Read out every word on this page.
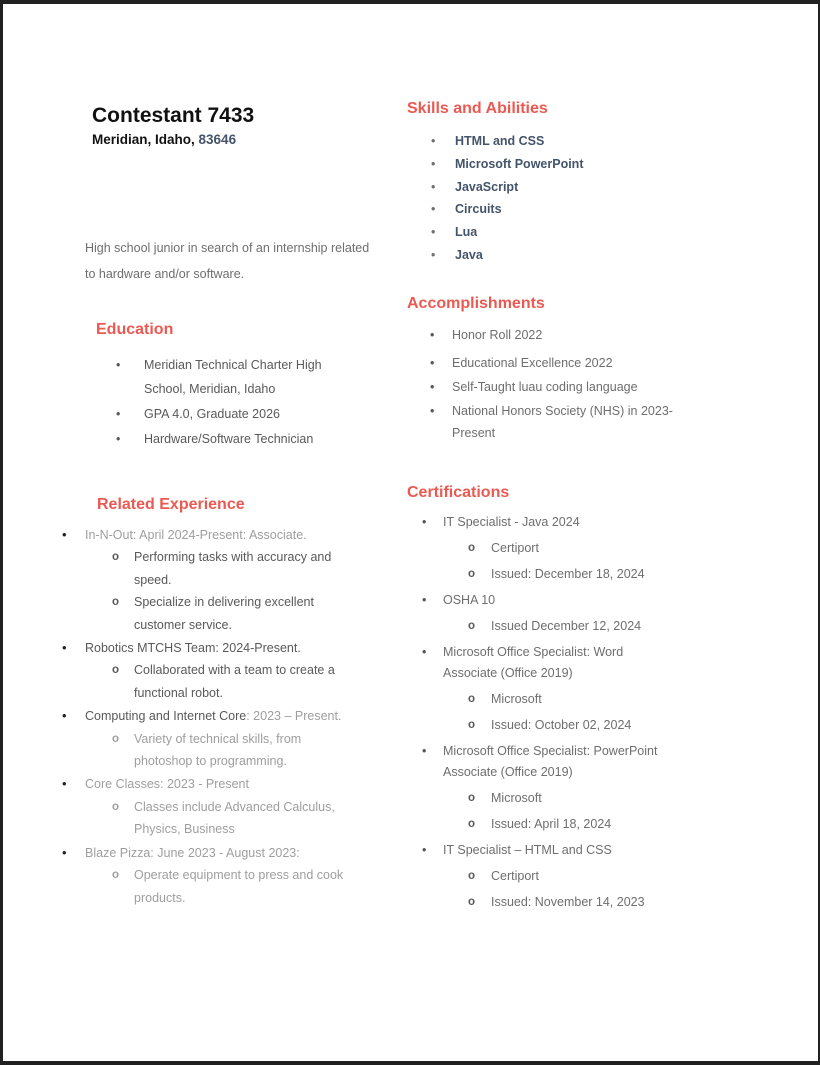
Contestant 7433

Meridian, Idaho, 83646

High school junior in search of an internship related to hardware and/or software.

Education
• Meridian Technical Charter High School, Meridian, Idaho
• GPA 4.0, Graduate 2026
• Hardware/Software Technician
Related Experience

• In-N-Out: April 2024-Present: Associate.

o Performing tasks with accuracy and speed.

o Specialize in delivering excellent customer service.

• Robotics MTCHS Team: 2024-Present.

o Collaborated with a team to create a functional robot.

• Computing and Internet Core: 2023 – Present.

o Variety of technical skills, from photoshop to programming.

• Core Classes: 2023 - Present

o Classes include Advanced Calculus, Physics, Business

• Blaze Pizza: June 2023 - August 2023:

o Operate equipment to press and cook products.

Skills and Abilities
• HTML and CSS
• Microsoft PowerPoint
• JavaScript
• Circuits
• Lua
• Java
Accomplishments
• Honor Roll 2022
• Educational Excellence 2022
• Self-Taught luau coding language
• National Honors Society (NHS) in 2023-Present
Certifications

• IT Specialist - Java 2024

o Certiport

o Issued: December 18, 2024

• OSHA 10

o Issued December 12, 2024

• Microsoft Office Specialist: Word Associate (Office 2019)

o Microsoft

o Issued: October 02, 2024

• Microsoft Office Specialist: PowerPoint Associate (Office 2019)

o Microsoft

o Issued: April 18, 2024

• IT Specialist – HTML and CSS

o Certiport

o Issued: November 14, 2023
